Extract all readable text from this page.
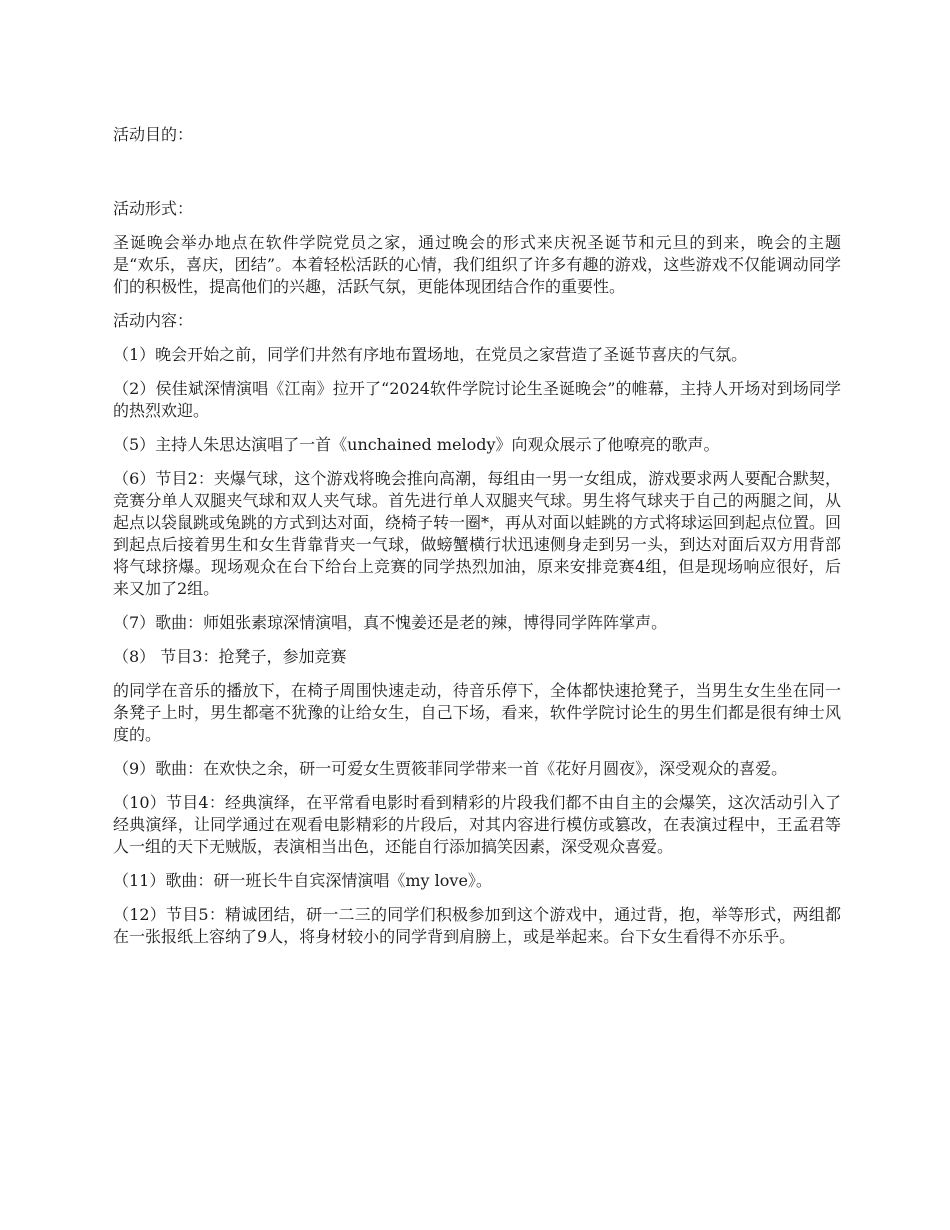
活动目的：

活动形式：

圣诞晚会举办地点在软件学院党员之家，通过晚会的形式来庆祝圣诞节和元旦的到来，晚会的主题是“欢乐，喜庆，团结”。本着轻松活跃的心情，我们组织了许多有趣的游戏，这些游戏不仅能调动同学们的积极性，提高他们的兴趣，活跃气氛，更能体现团结合作的重要性。

活动内容：

（1）晚会开始之前，同学们井然有序地布置场地，在党员之家营造了圣诞节喜庆的气氛。

（2）侯佳斌深情演唱《江南》拉开了“2024软件学院讨论生圣诞晚会”的帷幕，主持人开场对到场同学的热烈欢迎。

（5）主持人朱思达演唱了一首《unchained melody》向观众展示了他嘹亮的歌声。

（6）节目2：夹爆气球，这个游戏将晚会推向高潮，每组由一男一女组成，游戏要求两人要配合默契，竞赛分单人双腿夹气球和双人夹气球。首先进行单人双腿夹气球。男生将气球夹于自己的两腿之间，从起点以袋鼠跳或兔跳的方式到达对面，绕椅子转一圈*，再从对面以蛙跳的方式将球运回到起点位置。回到起点后接着男生和女生背靠背夹一气球，做螃蟹横行状迅速侧身走到另一头，到达对面后双方用背部将气球挤爆。现场观众在台下给台上竞赛的同学热烈加油，原来安排竞赛4组，但是现场响应很好，后来又加了2组。

（7）歌曲：师姐张素琼深情演唱，真不愧姜还是老的辣，博得同学阵阵掌声。

（8） 节目3：抢凳子，参加竞赛

的同学在音乐的播放下，在椅子周围快速走动，待音乐停下，全体都快速抢凳子，当男生女生坐在同一条凳子上时，男生都毫不犹豫的让给女生，自己下场，看来，软件学院讨论生的男生们都是很有绅士风度的。

（9）歌曲：在欢快之余，研一可爱女生贾筱菲同学带来一首《花好月圆夜》，深受观众的喜爱。

（10）节目4：经典演绎，在平常看电影时看到精彩的片段我们都不由自主的会爆笑，这次活动引入了经典演绎，让同学通过在观看电影精彩的片段后，对其内容进行模仿或篡改，在表演过程中，王孟君等人一组的天下无贼版，表演相当出色，还能自行添加搞笑因素，深受观众喜爱。

（11）歌曲：研一班长牛自宾深情演唱《my love》。

（12）节目5：精诚团结，研一二三的同学们积极参加到这个游戏中，通过背，抱，举等形式，两组都在一张报纸上容纳了9人，将身材较小的同学背到肩膀上，或是举起来。台下女生看得不亦乐乎。
